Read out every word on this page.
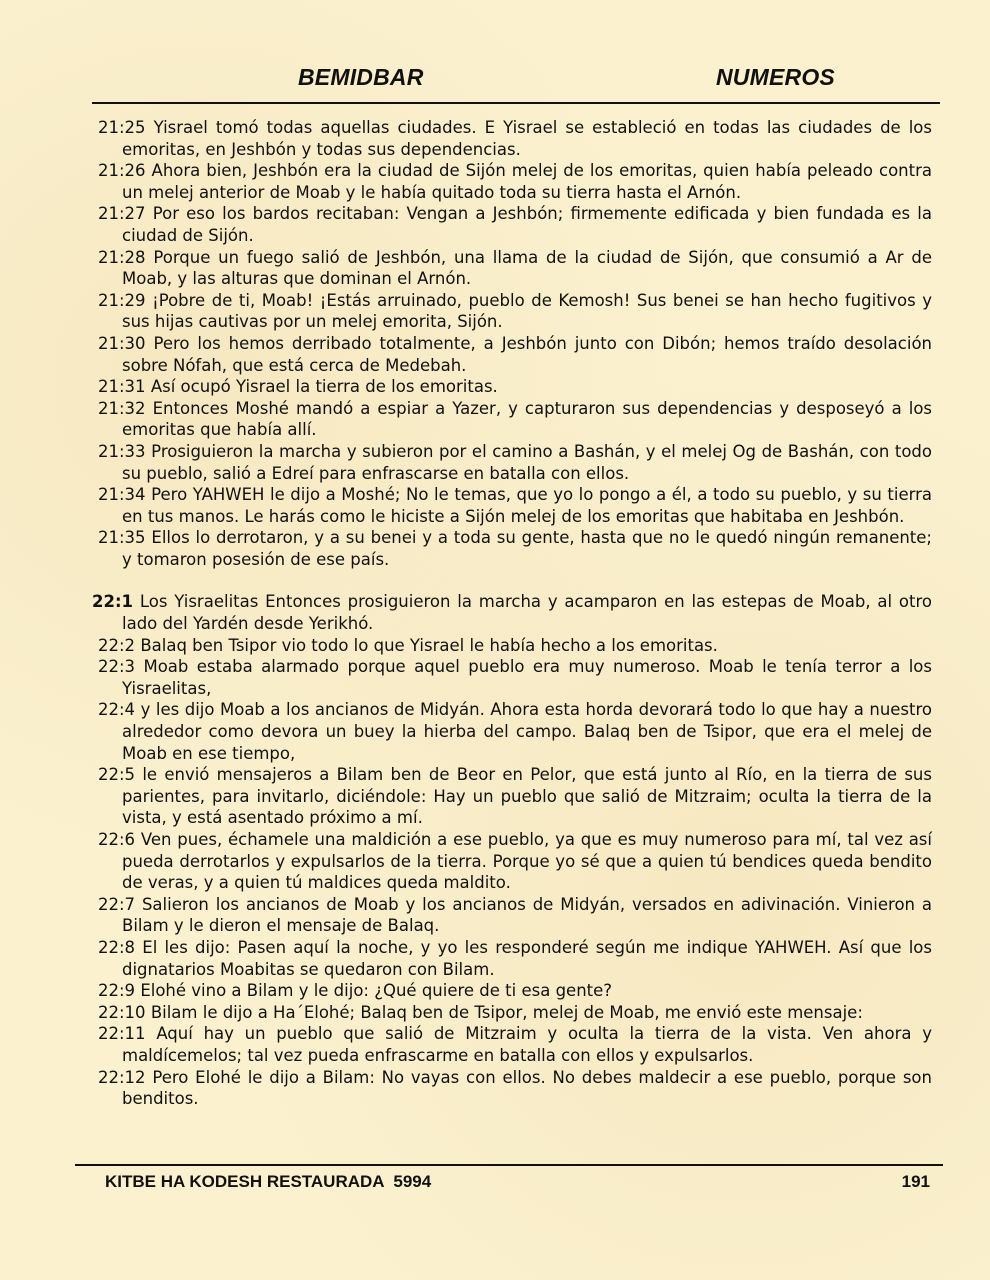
BEMIDBAR	NUMEROS

21:25 Yisrael tomó todas aquellas ciudades. E Yisrael se estableció en todas las ciudades de los emoritas, en Jeshbón y todas sus dependencias.

21:26 Ahora bien, Jeshbón era la ciudad de Sijón melej de los emoritas, quien había peleado contra un melej anterior de Moab y le había quitado toda su tierra hasta el Arnón.

21:27 Por eso los bardos recitaban: Vengan a Jeshbón; firmemente edificada y bien fundada es la ciudad de Sijón.

21:28 Porque un fuego salió de Jeshbón, una llama de la ciudad de Sijón, que consumió a Ar de Moab, y las alturas que dominan el Arnón.

21:29 ¡Pobre de ti, Moab! ¡Estás arruinado, pueblo de Kemosh! Sus benei se han hecho fugitivos y sus hijas cautivas por un melej emorita, Sijón.

21:30 Pero los hemos derribado totalmente, a Jeshbón junto con Dibón; hemos traído desolación sobre Nófah, que está cerca de Medebah.

21:31 Así ocupó Yisrael la tierra de los emoritas.

21:32 Entonces Moshé mandó a espiar a Yazer, y capturaron sus dependencias y desposeyó a los emoritas que había allí.

21:33 Prosiguieron la marcha y subieron por el camino a Bashán, y el melej Og de Bashán, con todo su pueblo, salió a Edreí para enfrascarse en batalla con ellos.

21:34 Pero YAHWEH le dijo a Moshé; No le temas, que yo lo pongo a él, a todo su pueblo, y su tierra en tus manos. Le harás como le hiciste a Sijón melej de los emoritas que habitaba en Jeshbón.

21:35 Ellos lo derrotaron, y a su benei y a toda su gente, hasta que no le quedó ningún remanente; y tomaron posesión de ese país.

22:1 Los Yisraelitas Entonces prosiguieron la marcha y acamparon en las estepas de Moab, al otro lado del Yardén desde Yerikhó.

22:2 Balaq ben Tsipor vio todo lo que Yisrael le había hecho a los emoritas.

22:3 Moab estaba alarmado porque aquel pueblo era muy numeroso. Moab le tenía terror a los Yisraelitas,

22:4 y les dijo Moab a los ancianos de Midyán. Ahora esta horda devorará todo lo que hay a nuestro alrededor como devora un buey la hierba del campo. Balaq ben de Tsipor, que era el melej de Moab en ese tiempo,

22:5 le envió mensajeros a Bilam ben de Beor en Pelor, que está junto al Río, en la tierra de sus parientes, para invitarlo, diciéndole: Hay un pueblo que salió de Mitzraim; oculta la tierra de la vista, y está asentado próximo a mí.

22:6 Ven pues, échamele una maldición a ese pueblo, ya que es muy numeroso para mí, tal vez así pueda derrotarlos y expulsarlos de la tierra. Porque yo sé que a quien tú bendices queda bendito de veras, y a quien tú maldices queda maldito.

22:7 Salieron los ancianos de Moab y los ancianos de Midyán, versados en adivinación. Vinieron a Bilam y le dieron el mensaje de Balaq.

22:8 El les dijo: Pasen aquí la noche, y yo les responderé según me indique YAHWEH. Así que los dignatarios Moabitas se quedaron con Bilam.

22:9 Elohé vino a Bilam y le dijo: ¿Qué quiere de ti esa gente?

22:10 Bilam le dijo a Ha´Elohé; Balaq ben de Tsipor, melej de Moab, me envió este mensaje:

22:11 Aquí hay un pueblo que salió de Mitzraim y oculta la tierra de la vista. Ven ahora y maldícemelos; tal vez pueda enfrascarme en batalla con ellos y expulsarlos.

22:12 Pero Elohé le dijo a Bilam: No vayas con ellos. No debes maldecir a ese pueblo, porque son benditos.

KITBE HA KODESH RESTAURADA  5994	191
